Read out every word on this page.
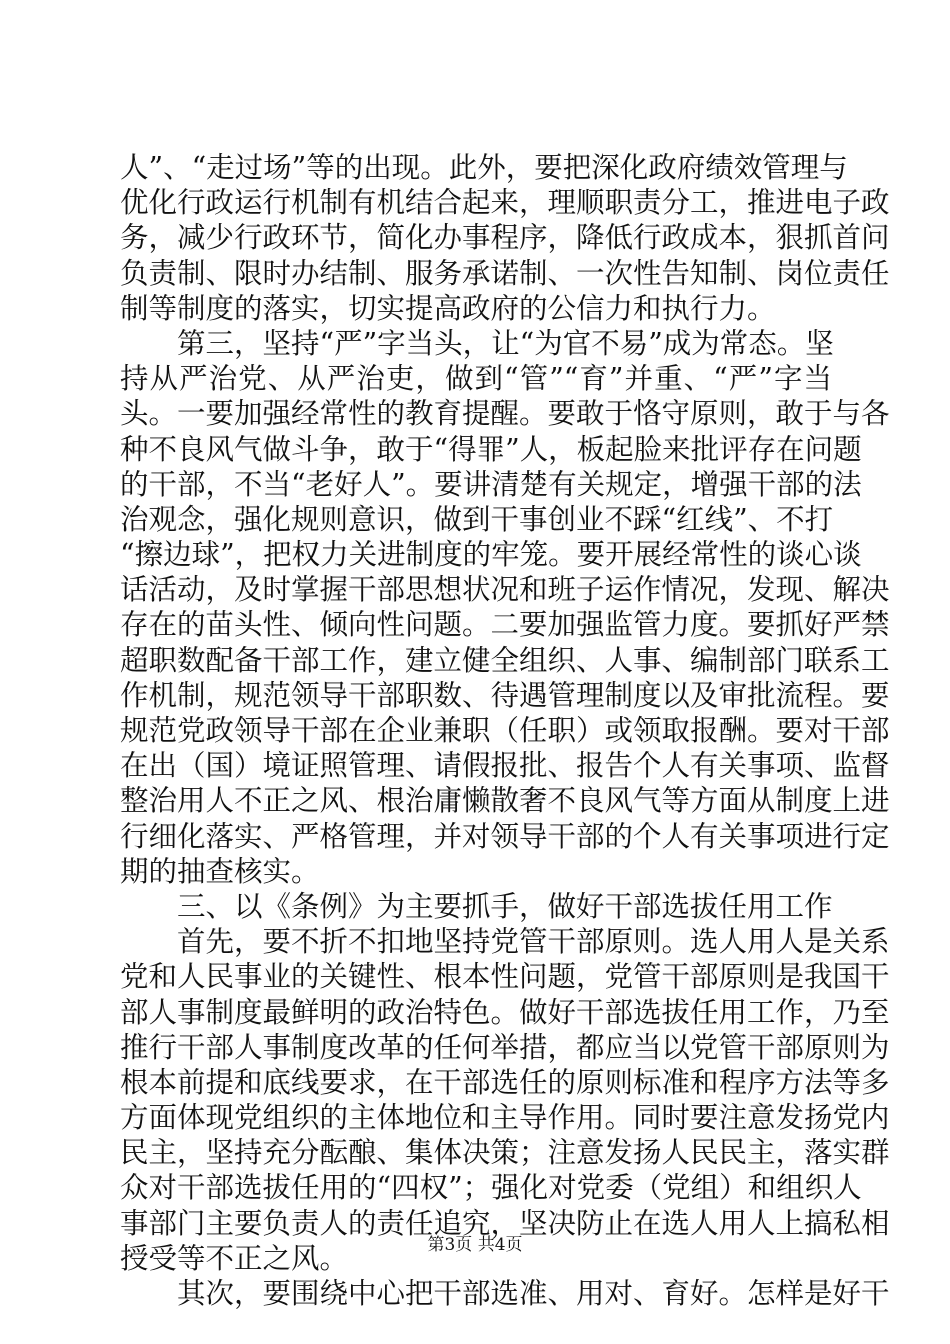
人”、“走过场”等的出现。此外，要把深化政府绩效管理与
优化行政运行机制有机结合起来，理顺职责分工，推进电子政
务，减少行政环节，简化办事程序，降低行政成本，狠抓首问
负责制、限时办结制、服务承诺制、一次性告知制、岗位责任
制等制度的落实，切实提高政府的公信力和执行力。
　　第三，坚持“严”字当头，让“为官不易”成为常态。坚
持从严治党、从严治吏，做到“管”“育”并重、“严”字当
头。一要加强经常性的教育提醒。要敢于恪守原则，敢于与各
种不良风气做斗争，敢于“得罪”人，板起脸来批评存在问题
的干部，不当“老好人”。要讲清楚有关规定，增强干部的法
治观念，强化规则意识，做到干事创业不踩“红线”、不打
“擦边球”，把权力关进制度的牢笼。要开展经常性的谈心谈
话活动，及时掌握干部思想状况和班子运作情况，发现、解决
存在的苗头性、倾向性问题。二要加强监管力度。要抓好严禁
超职数配备干部工作，建立健全组织、人事、编制部门联系工
作机制，规范领导干部职数、待遇管理制度以及审批流程。要
规范党政领导干部在企业兼职（任职）或领取报酬。要对干部
在出（国）境证照管理、请假报批、报告个人有关事项、监督
整治用人不正之风、根治庸懒散奢不良风气等方面从制度上进
行细化落实、严格管理，并对领导干部的个人有关事项进行定
期的抽查核实。
　　三、以《条例》为主要抓手，做好干部选拔任用工作
　　首先，要不折不扣地坚持党管干部原则。选人用人是关系
党和人民事业的关键性、根本性问题，党管干部原则是我国干
部人事制度最鲜明的政治特色。做好干部选拔任用工作，乃至
推行干部人事制度改革的任何举措，都应当以党管干部原则为
根本前提和底线要求，在干部选任的原则标准和程序方法等多
方面体现党组织的主体地位和主导作用。同时要注意发扬党内
民主，坚持充分酝酿、集体决策；注意发扬人民民主，落实群
众对干部选拔任用的“四权”；强化对党委（党组）和组织人
事部门主要负责人的责任追究，坚决防止在选人用人上搞私相
授受等不正之风。
　　其次，要围绕中心把干部选准、用对、育好。怎样是好干
第3页 共4页
